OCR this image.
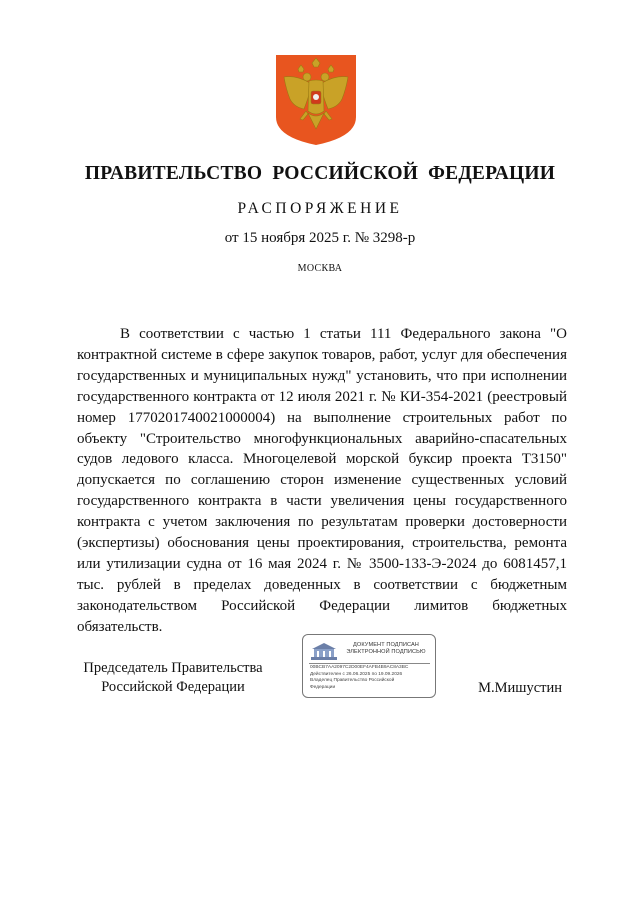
ПРАВИТЕЛЬСТВО РОССИЙСКОЙ ФЕДЕРАЦИИ
РАСПОРЯЖЕНИЕ
от 15 ноября 2025 г. № 3298-р
МОСКВА

В соответствии с частью 1 статьи 111 Федерального закона "О контрактной системе в сфере закупок товаров, работ, услуг для обеспечения государственных и муниципальных нужд" установить, что при исполнении государственного контракта от 12 июля 2021 г. № КИ-354-2021 (реестровый номер 1770201740021000004) на выполнение строительных работ по объекту "Строительство многофункциональных аварийно-спасательных судов ледового класса. Многоцелевой морской буксир проекта Т3150" допускается по соглашению сторон изменение существенных условий государственного контракта в части увеличения цены государственного контракта с учетом заключения по результатам проверки достоверности (экспертизы) обоснования цены проектирования, строительства, ремонта или утилизации судна от 16 мая 2024 г. № 3500-133-Э-2024 до 6081457,1 тыс. рублей в пределах доведенных в соответствии с бюджетным законодательством Российской Федерации лимитов бюджетных обязательств.

Председатель Правительства
Российской Федерации
ДОКУМЕНТ ПОДПИСАН
ЭЛЕКТРОННОЙ ПОДПИСЬЮ
00BCB7AA2097C2D00EF4AFB4B9AC8A3BC
Действителен с 26.06.2025 по 19.09.2026
Владелец Правительство Российской
Федерации	М.Мишустин
